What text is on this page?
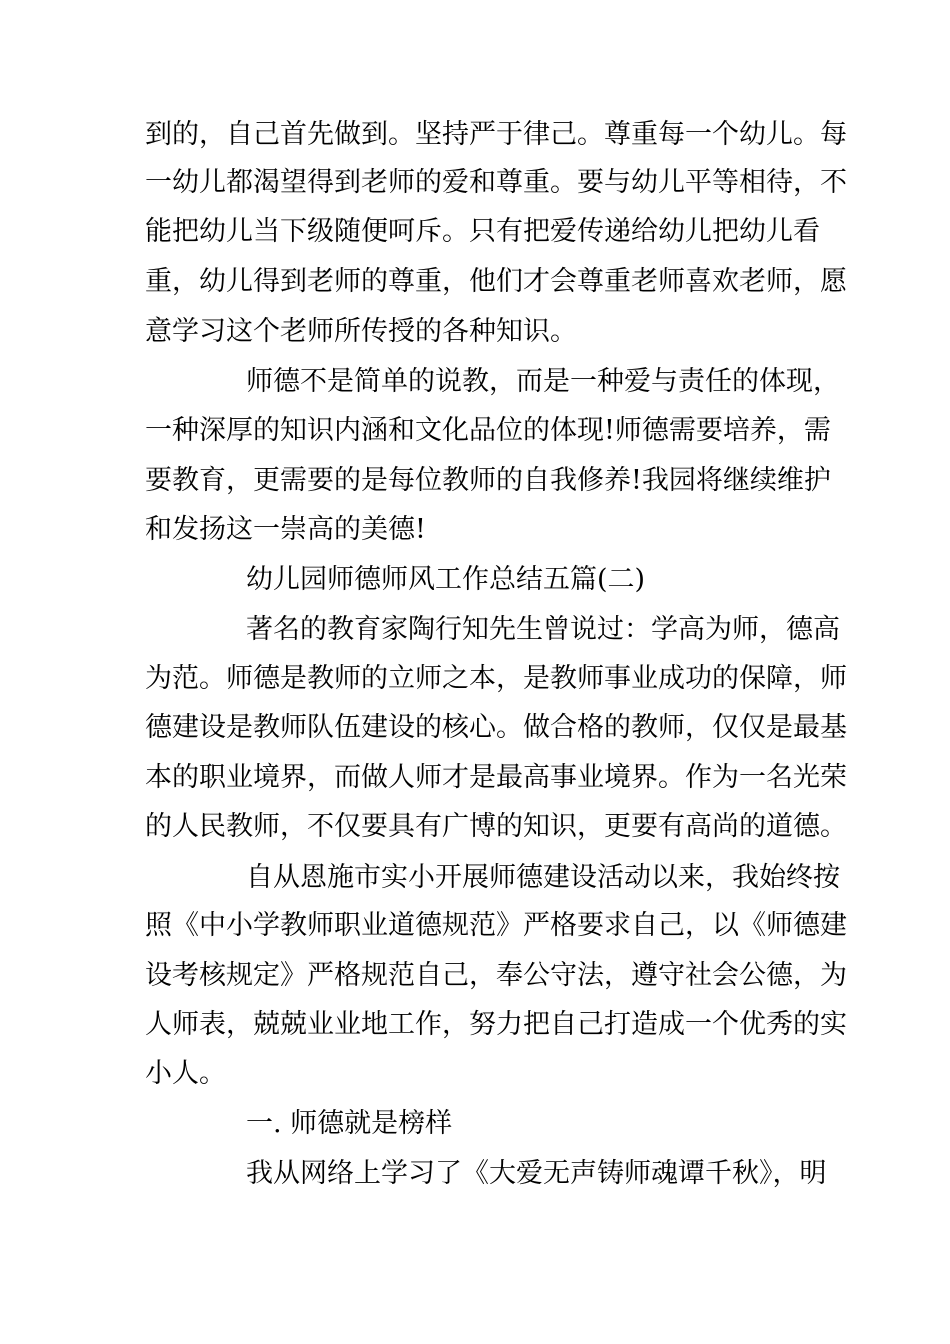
到的，自己首先做到。坚持严于律己。尊重每一个幼儿。每
一幼儿都渴望得到老师的爱和尊重。要与幼儿平等相待，不
能把幼儿当下级随便呵斥。只有把爱传递给幼儿把幼儿看
重，幼儿得到老师的尊重，他们才会尊重老师喜欢老师，愿
意学习这个老师所传授的各种知识。
师德不是简单的说教，而是一种爱与责任的体现，
一种深厚的知识内涵和文化品位的体现!师德需要培养，需
要教育，更需要的是每位教师的自我修养!我园将继续维护
和发扬这一崇高的美德!
幼儿园师德师风工作总结五篇(二)
著名的教育家陶行知先生曾说过：学高为师，德高
为范。师德是教师的立师之本，是教师事业成功的保障，师
德建设是教师队伍建设的核心。做合格的教师，仅仅是最基
本的职业境界，而做人师才是最高事业境界。作为一名光荣
的人民教师，不仅要具有广博的知识，更要有高尚的道德。
自从恩施市实小开展师德建设活动以来，我始终按
照《中小学教师职业道德规范》严格要求自己，以《师德建
设考核规定》严格规范自己，奉公守法，遵守社会公德，为
人师表，兢兢业业地工作，努力把自己打造成一个优秀的实
小人。
一. 师德就是榜样
我从网络上学习了《大爱无声铸师魂谭千秋》，明
